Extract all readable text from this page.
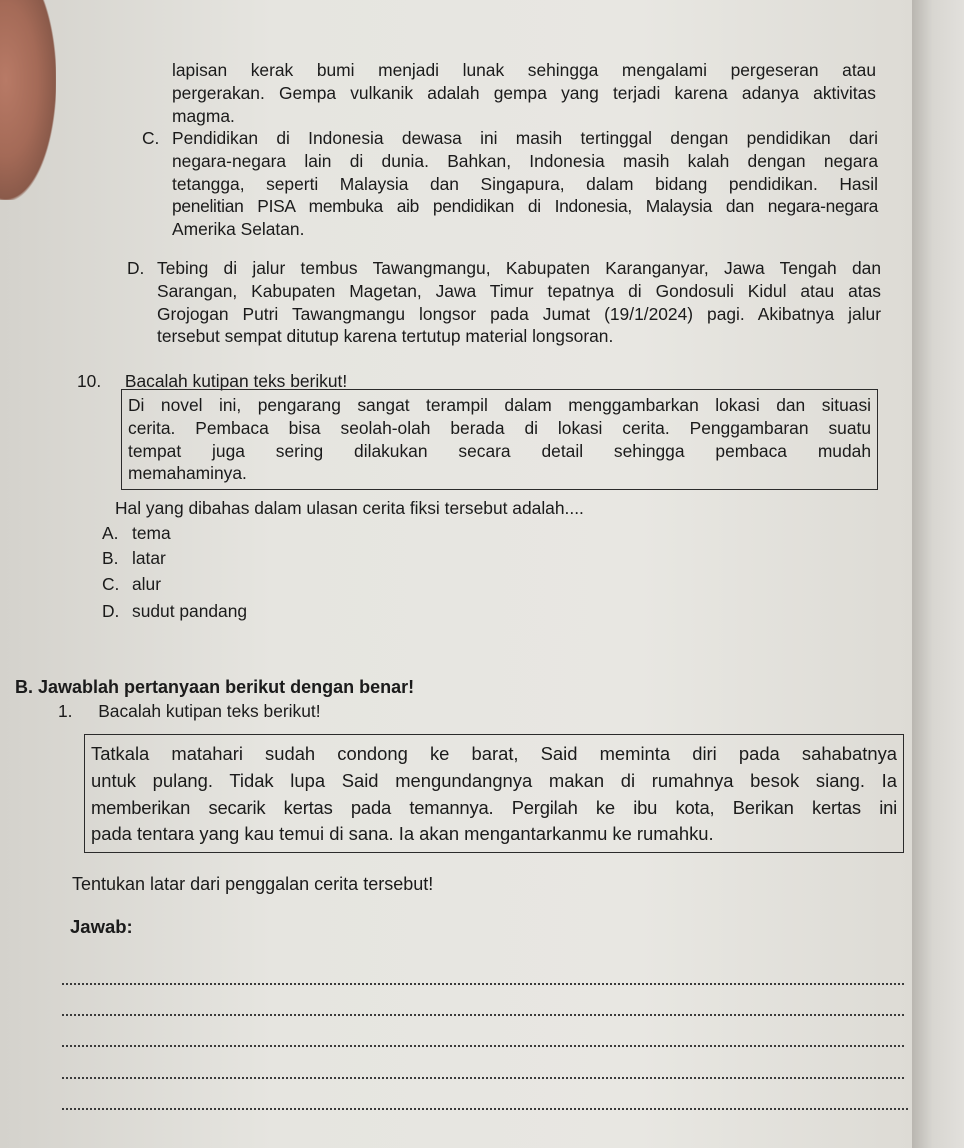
lapisan kerak bumi menjadi lunak sehingga mengalami pergeseran atau
pergerakan. Gempa vulkanik adalah gempa yang terjadi karena adanya aktivitas
magma.
C. Pendidikan di Indonesia dewasa ini masih tertinggal dengan pendidikan dari
negara-negara lain di dunia. Bahkan, Indonesia masih kalah dengan negara
tetangga, seperti Malaysia dan Singapura, dalam bidang pendidikan. Hasil
penelitian PISA membuka aib pendidikan di Indonesia, Malaysia dan negara-negara
Amerika Selatan.
D. Tebing di jalur tembus Tawangmangu, Kabupaten Karanganyar, Jawa Tengah dan
Sarangan, Kabupaten Magetan, Jawa Timur tepatnya di Gondosuli Kidul atau atas
Grojogan Putri Tawangmangu longsor pada Jumat (19/1/2024) pagi. Akibatnya jalur
tersebut sempat ditutup karena tertutup material longsoran.
10. Bacalah kutipan teks berikut!
Di novel ini, pengarang sangat terampil dalam menggambarkan lokasi dan situasi
cerita. Pembaca bisa seolah-olah berada di lokasi cerita. Penggambaran suatu
tempat juga sering dilakukan secara detail sehingga pembaca mudah
memahaminya.
Hal yang dibahas dalam ulasan cerita fiksi tersebut adalah....
A. tema
B. latar
C. alur
D. sudut pandang
B. Jawablah pertanyaan berikut dengan benar!
1. Bacalah kutipan teks berikut!
Tatkala matahari sudah condong ke barat, Said meminta diri pada sahabatnya
untuk pulang. Tidak lupa Said mengundangnya makan di rumahnya besok siang. Ia
memberikan secarik kertas pada temannya. Pergilah ke ibu kota, Berikan kertas ini
pada tentara yang kau temui di sana. Ia akan mengantarkanmu ke rumahku.
Tentukan latar dari penggalan cerita tersebut!
Jawab:
